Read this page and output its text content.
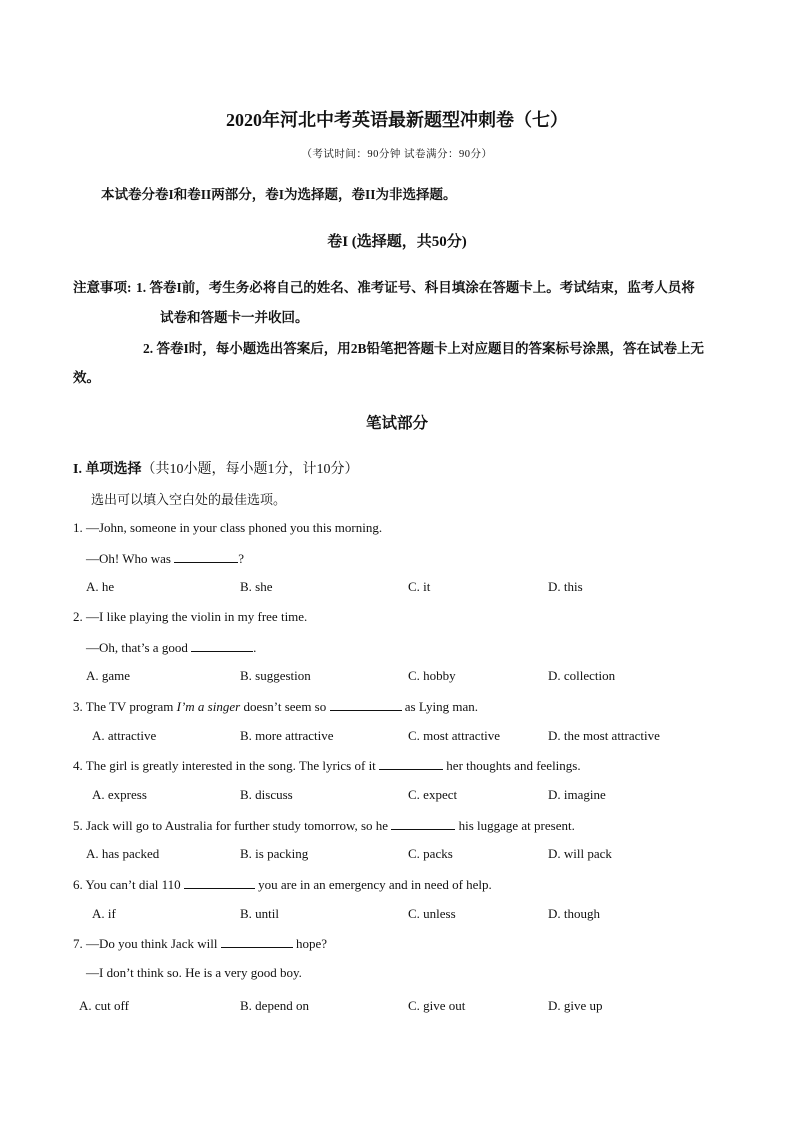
2020年河北中考英语最新题型冲刺卷（七）
（考试时间：90分钟 试卷满分：90分）
本试卷分卷I和卷II两部分，卷I为选择题，卷II为非选择题。
卷I (选择题，共50分)
注意事项: 1. 答卷I前，考生务必将自己的姓名、准考证号、科目填涂在答题卡上。考试结束，监考人员将
试卷和答题卡一并收回。
2. 答卷I时，每小题选出答案后，用2B铅笔把答题卡上对应题目的答案标号涂黑，答在试卷上无
效。
笔试部分
I. 单项选择（共10小题，每小题1分，计10分）
选出可以填入空白处的最佳选项。
1. —John, someone in your class phoned you this morning.
—Oh! Who was	?
A. he	B. she	C. it	D. this
2. —I like playing the violin in my free time.
—Oh, that’s a good	.
A. game	B. suggestion	C. hobby	D. collection
3. The TV program I’m a singer doesn’t seem so	as Lying man.
A. attractive	B. more attractive	C. most attractive	D. the most attractive
4. The girl is greatly interested in the song. The lyrics of it	her thoughts and feelings.
A. express	B. discuss	C. expect	D. imagine
5. Jack will go to Australia for further study tomorrow, so he	his luggage at present.
A. has packed	B. is packing	C. packs	D. will pack
6. You can’t dial 110	you are in an emergency and in need of help.
A. if	B. until	C. unless	D. though
7. —Do you think Jack will	hope?
—I don’t think so. He is a very good boy.
A. cut off	B. depend on	C. give out	D. give up
